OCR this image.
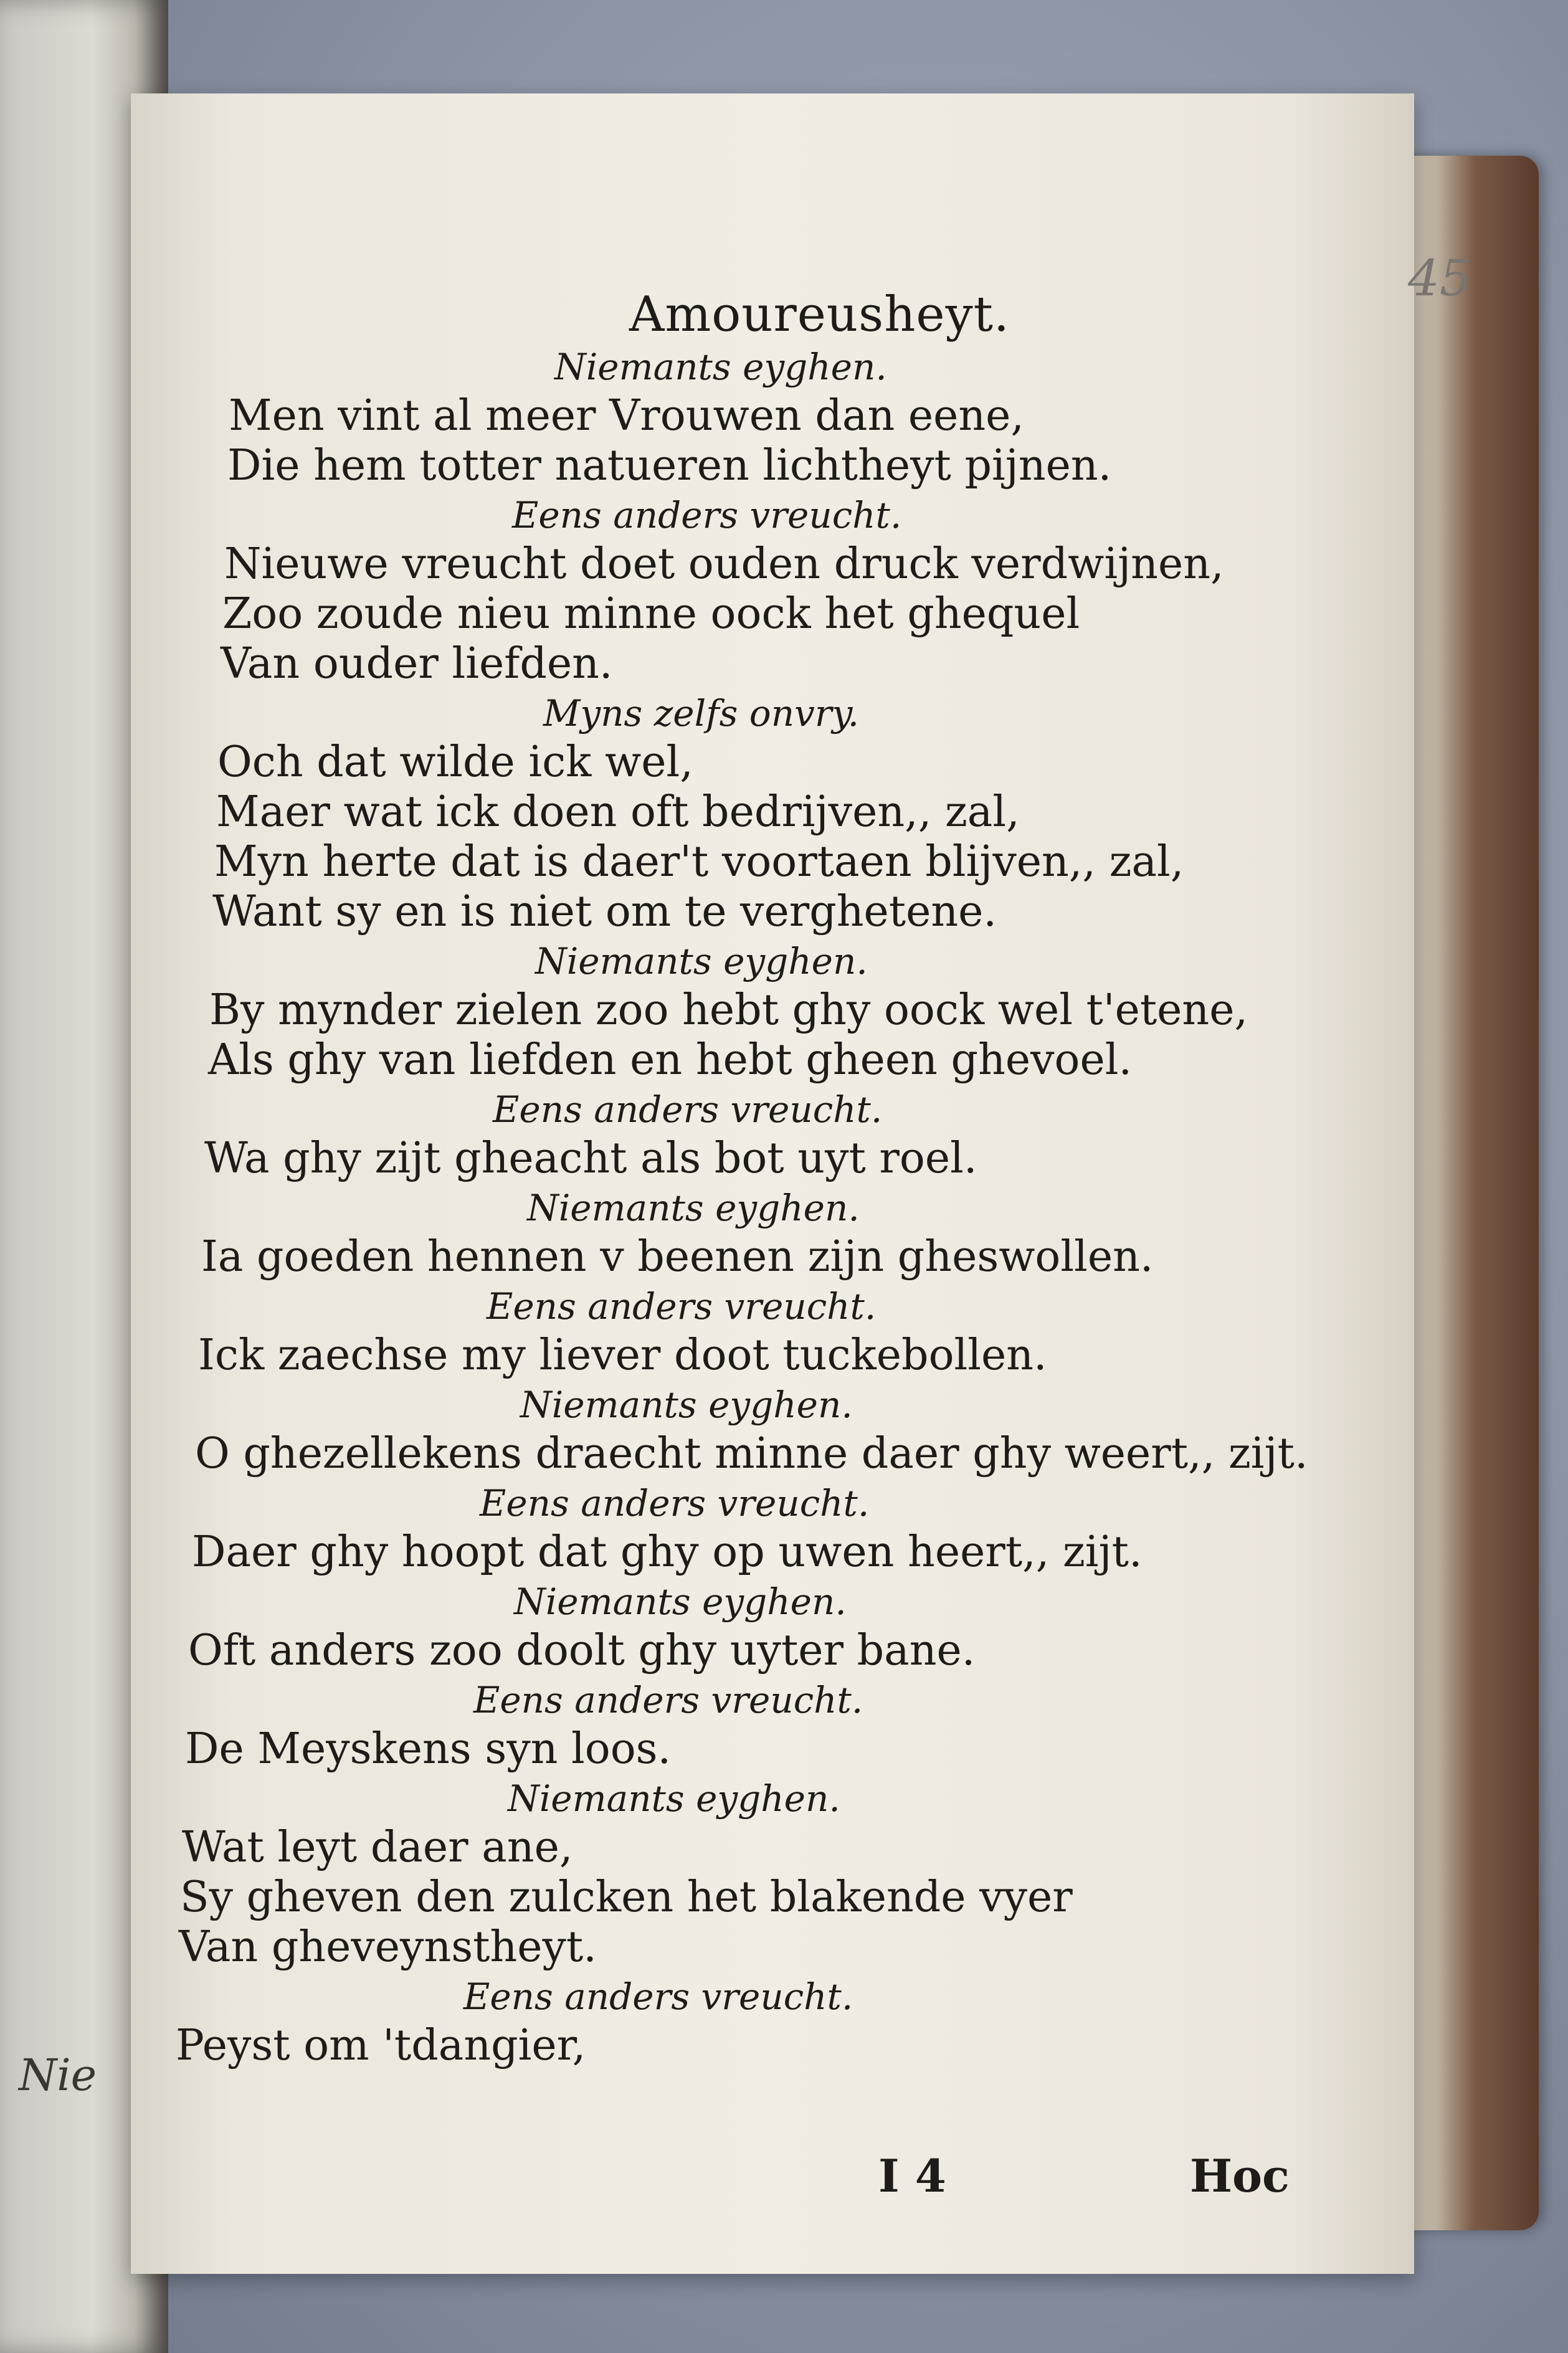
Nie
45
Amoureusheyt.
Niemants eyghen.
Men vint al meer Vrouwen dan eene,
Die hem totter natueren lichtheyt pijnen.
Eens anders vreucht.
Nieuwe vreucht doet ouden druck verdwijnen,
Zoo zoude nieu minne oock het ghequel
Van ouder liefden.
Myns zelfs onvry.
Och dat wilde ick wel,
Maer wat ick doen oft bedrijven,, zal,
Myn herte dat is daer't voortaen blijven,, zal,
Want sy en is niet om te verghetene.
Niemants eyghen.
By mynder zielen zoo hebt ghy oock wel t'etene,
Als ghy van liefden en hebt gheen ghevoel.
Eens anders vreucht.
Wa ghy zijt gheacht als bot uyt roel.
Niemants eyghen.
Ia goeden hennen v beenen zijn gheswollen.
Eens anders vreucht.
Ick zaechse my liever doot tuckebollen.
Niemants eyghen.
O ghezellekens draecht minne daer ghy weert,, zijt.
Eens anders vreucht.
Daer ghy hoopt dat ghy op uwen heert,, zijt.
Niemants eyghen.
Oft anders zoo doolt ghy uyter bane.
Eens anders vreucht.
De Meyskens syn loos.
Niemants eyghen.
Wat leyt daer ane,
Sy gheven den zulcken het blakende vyer
Van gheveynstheyt.
Eens anders vreucht.
Peyst om 'tdangier,
I 4	Hoc
